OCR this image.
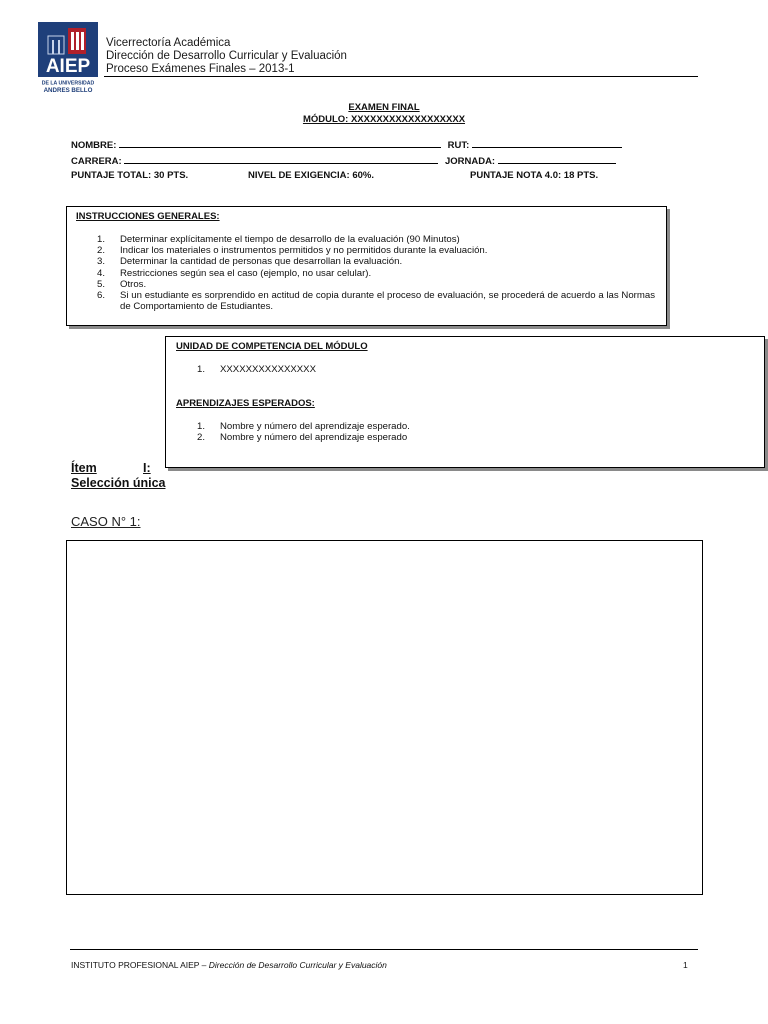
AIEP
DE LA UNIVERSIDAD
ANDRES BELLO
Vicerrectoría Académica
Dirección de Desarrollo Curricular y Evaluación
Proceso Exámenes Finales – 2013-1
EXAMEN FINAL
MÓDULO: XXXXXXXXXXXXXXXXXX
NOMBRE:	RUT:
CARRERA:	JORNADA:
PUNTAJE TOTAL: 30 PTS.	NIVEL DE EXIGENCIA: 60%.	PUNTAJE NOTA 4.0: 18 PTS.
INSTRUCCIONES GENERALES:
1. Determinar explícitamente el tiempo de desarrollo de la evaluación (90 Minutos)
2. Indicar los materiales o instrumentos permitidos y no permitidos durante la evaluación.
3. Determinar la cantidad de personas que desarrollan la evaluación.
4. Restricciones según sea el caso (ejemplo, no usar celular).
5. Otros.
6. Si un estudiante es sorprendido en actitud de copia durante el proceso de evaluación, se procederá de acuerdo a las Normas de Comportamiento de Estudiantes.
UNIDAD DE COMPETENCIA DEL MÓDULO
1. XXXXXXXXXXXXXXX
APRENDIZAJES ESPERADOS:
1. Nombre y número del aprendizaje esperado.
2. Nombre y número del aprendizaje esperado
Ítem	I:
Selección única
CASO N° 1:
INSTITUTO PROFESIONAL AIEP – Dirección de Desarrollo Curricular y Evaluación	1
